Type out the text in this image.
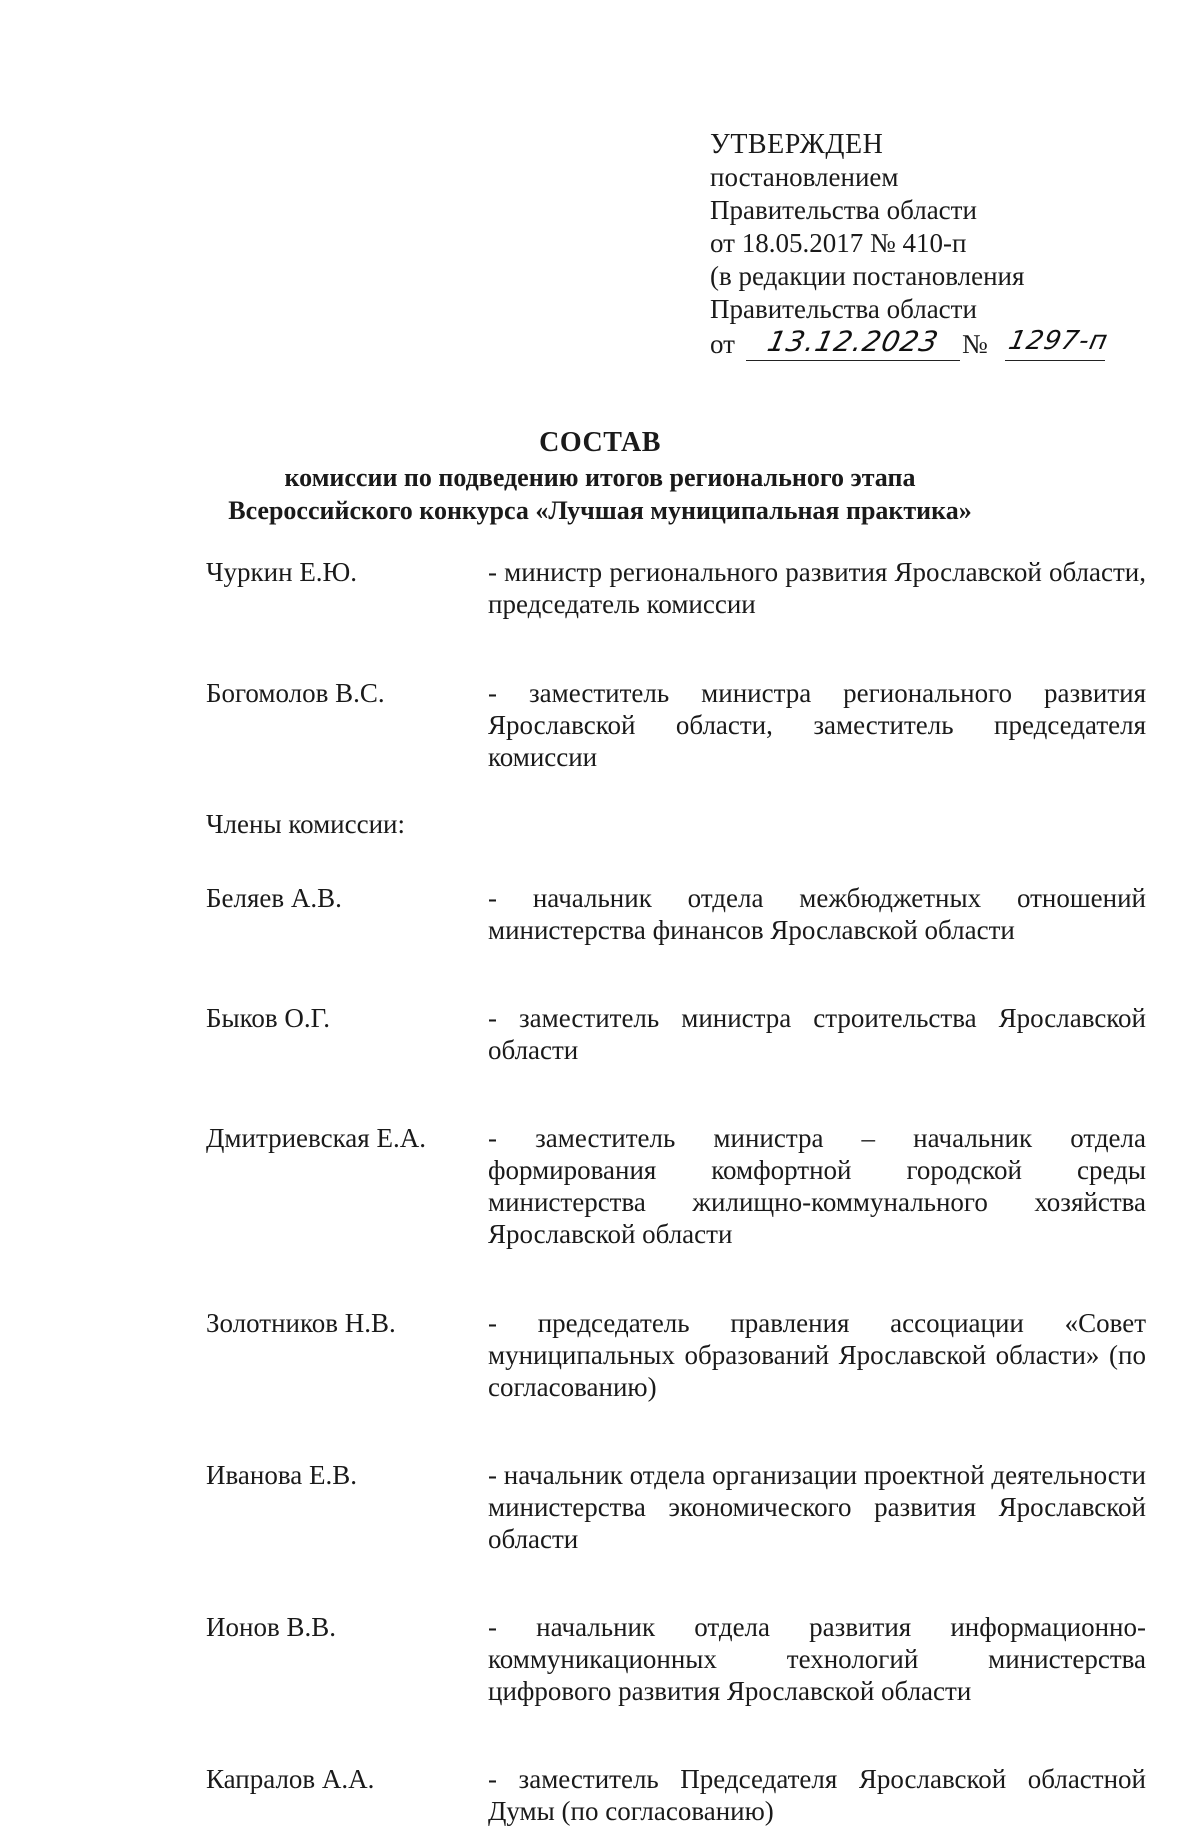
УТВЕРЖДЕН
постановлением
Правительства области
от 18.05.2017 № 410-п
(в редакции постановления
Правительства области
от 13.12.2023 № 1297-п
СОСТАВ
комиссии по подведению итогов регионального этапа
Всероссийского конкурса «Лучшая муниципальная практика»
Чуркин Е.Ю.	- министр регионального развития Ярославской области, председатель комиссии
Богомолов В.С.	- заместитель министра регионального развития Ярославской области, заместитель председателя комиссии
Члены комиссии:
Беляев А.В.	- начальник отдела межбюджетных отношений министерства финансов Ярославской области
Быков О.Г.	- заместитель министра строительства Ярославской области
Дмитриевская Е.А.	- заместитель министра – начальник отдела формирования комфортной городской среды министерства жилищно-коммунального хозяйства Ярославской области
Золотников Н.В.	- председатель правления ассоциации «Совет муниципальных образований Ярославской области» (по согласованию)
Иванова Е.В.	- начальник отдела организации проектной деятельности министерства экономического развития Ярославской области
Ионов В.В.	- начальник отдела развития информационно-коммуникационных технологий министерства цифрового развития Ярославской области
Капралов А.А.	- заместитель Председателя Ярославской областной Думы (по согласованию)
